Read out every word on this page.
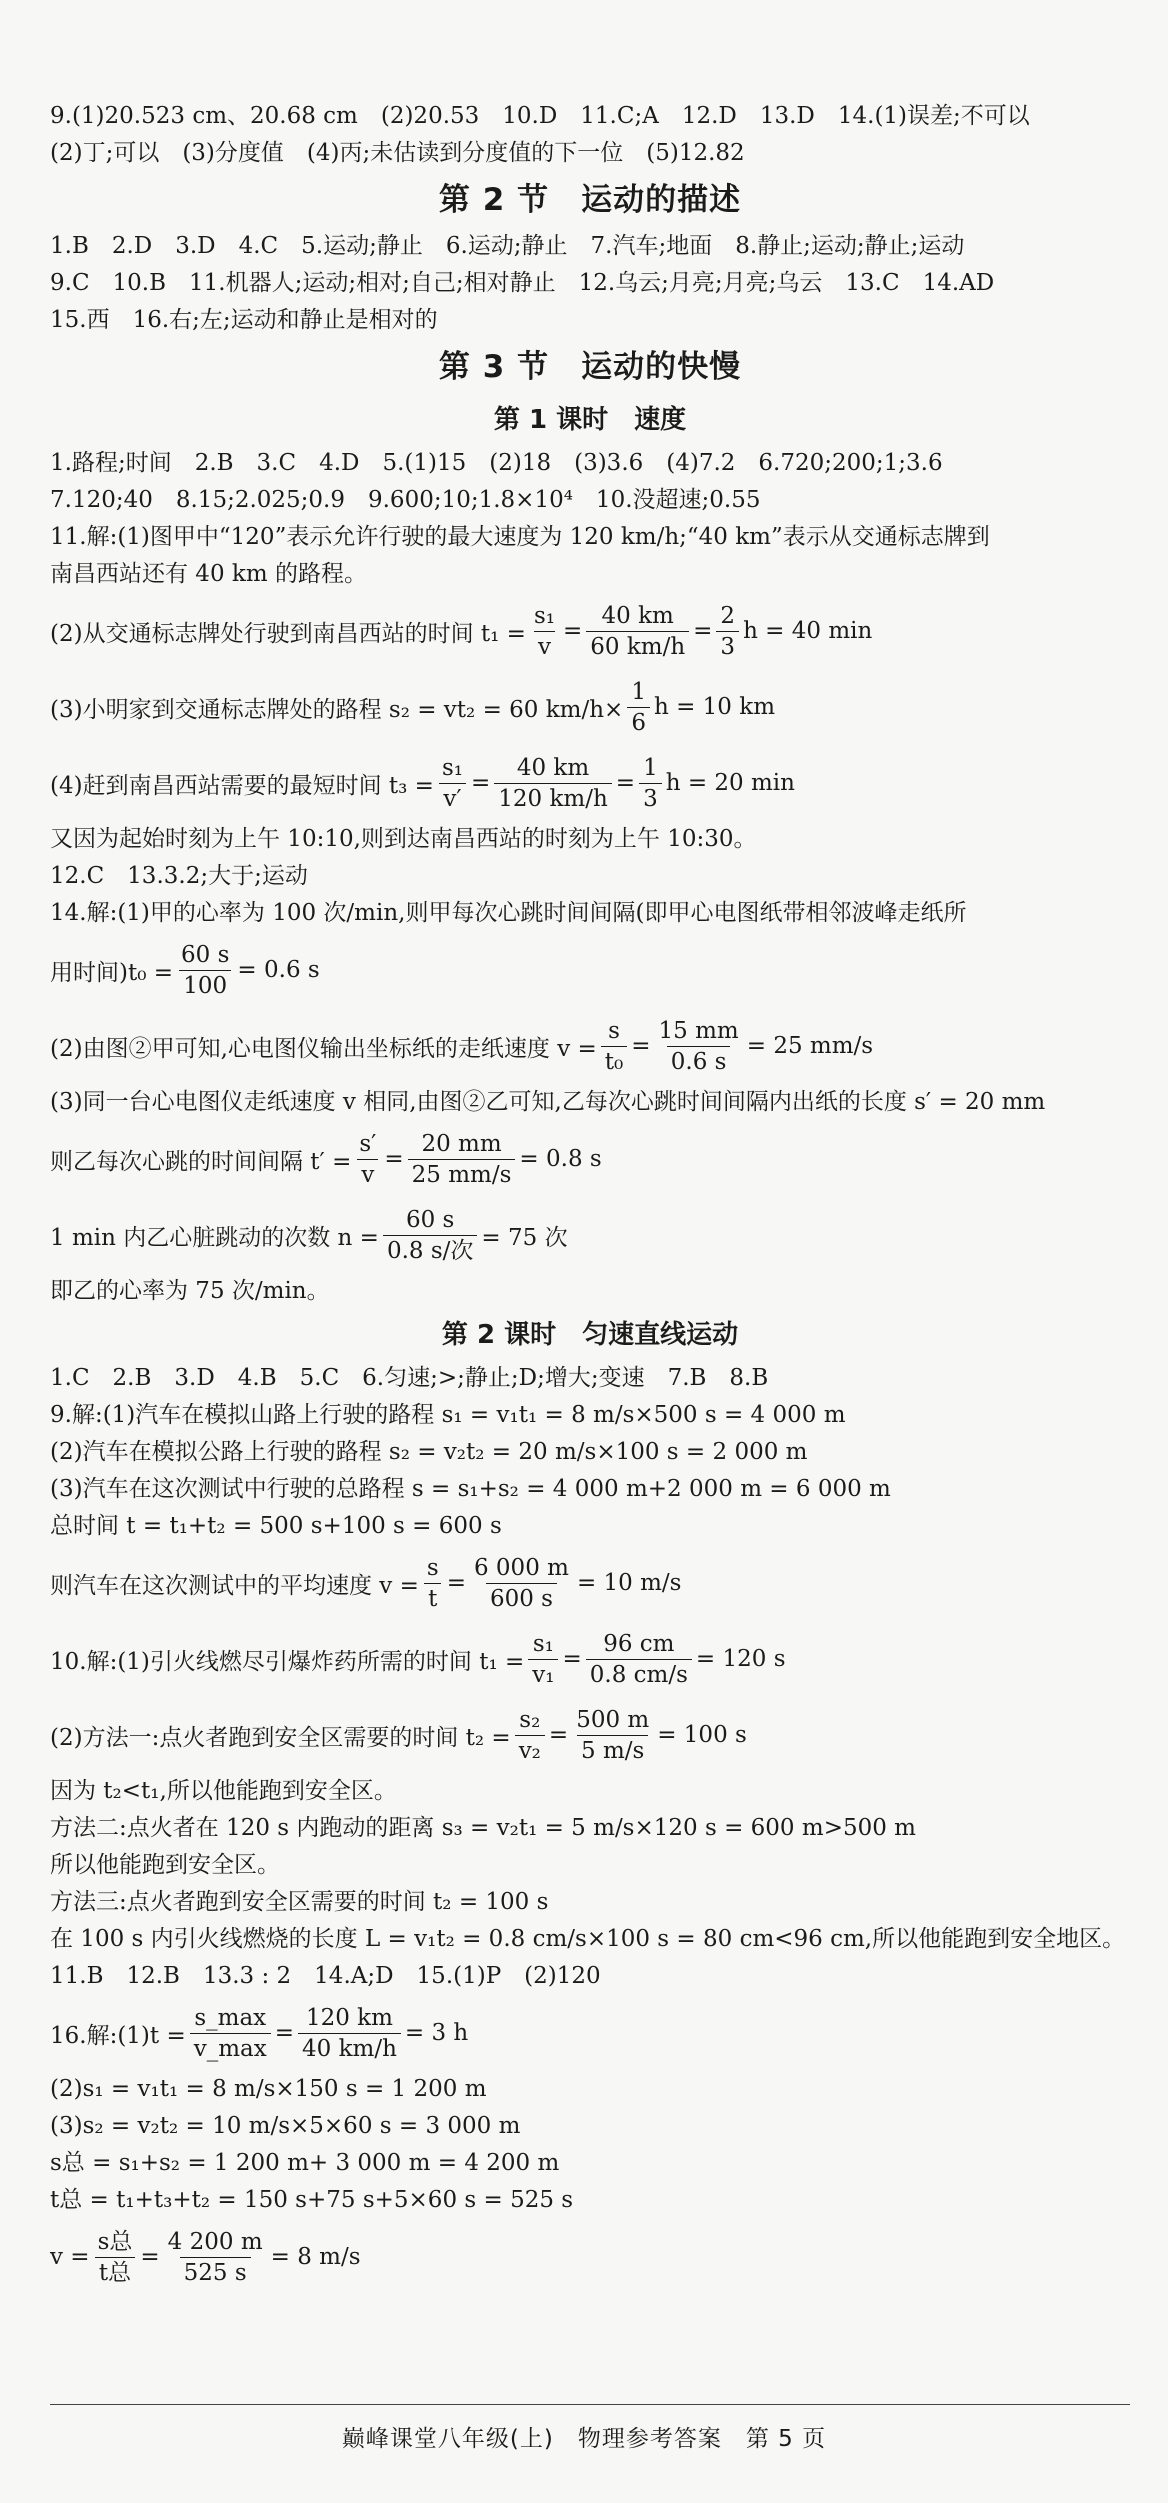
9.(1)20.523 cm、20.68 cm　(2)20.53　10.D　11.C;A　12.D　13.D　14.(1)误差;不可以
(2)丁;可以　(3)分度值　(4)丙;未估读到分度值的下一位　(5)12.82
第 2 节　运动的描述
1.B　2.D　3.D　4.C　5.运动;静止　6.运动;静止　7.汽车;地面　8.静止;运动;静止;运动
9.C　10.B　11.机器人;运动;相对;自己;相对静止　12.乌云;月亮;月亮;乌云　13.C　14.AD
15.西　16.右;左;运动和静止是相对的
第 3 节　运动的快慢
第 1 课时　速度
1.路程;时间　2.B　3.C　4.D　5.(1)15　(2)18　(3)3.6　(4)7.2　6.720;200;1;3.6
7.120;40　8.15;2.025;0.9　9.600;10;1.8×10⁴　10.没超速;0.55
11.解:(1)图甲中“120”表示允许行驶的最大速度为 120 km/h;“40 km”表示从交通标志牌到
南昌西站还有 40 km 的路程。
(2)从交通标志牌处行驶到南昌西站的时间 $t_1 = \frac{\text{s₁}}{v} = \frac{40 km}{60 km/h} = \frac{2}{3}$ h = 40 min
(3)小明家到交通标志牌处的路程 s₂ = vt₂ = 60 $km/h\times \frac{1}{6}$ h = 10 km
(4)赶到南昌西站需要的最短时间 $t_3 = \frac{\text{s₁}}{v'} = \frac{40 km}{120 km/h} = \frac{1}{3}$ h = 20 min
又因为起始时刻为上午 10:10,则到达南昌西站的时刻为上午 10:30。
12.C　13.3.2;大于;运动
14.解:(1)甲的心率为 100 次/min,则甲每次心跳时间间隔(即甲心电图纸带相邻波峰走纸所
用时间)$t_0 = \frac{60 s}{100} = 0.6$ s
(2)由图②甲可知,心电图仪输出坐标纸的走纸速度 $v = \frac{s}{\text{t₀}} = \frac{15 mm}{0.6 s} = 25$ mm/s
(3)同一台心电图仪走纸速度 v 相同,由图②乙可知,乙每次心跳时间间隔内出纸的长度 s′ = 20 mm
则乙每次心跳的时间间隔 $t' = \frac{s'}{v} = \frac{20 mm}{25 mm/s} = 0.8$ s
1 min 内乙心脏跳动的次数 $n = \frac{60 s}{\text{0.8 s/次}} = 75$ 次
即乙的心率为 75 次/min。
第 2 课时　匀速直线运动
1.C　2.B　3.D　4.B　5.C　6.匀速;>;静止;D;增大;变速　7.B　8.B
9.解:(1)汽车在模拟山路上行驶的路程 s₁ = v₁t₁ = 8 m/s×500 s = 4 000 m
(2)汽车在模拟公路上行驶的路程 s₂ = v₂t₂ = 20 m/s×100 s = 2 000 m
(3)汽车在这次测试中行驶的总路程 s = s₁+s₂ = 4 000 m+2 000 m = 6 000 m
总时间 t = t₁+t₂ = 500 s+100 s = 600 s
则汽车在这次测试中的平均速度 $v = \frac{s}{t} = \frac{6 000 m}{600 s} = 10$ m/s
10.解:(1)引火线燃尽引爆炸药所需的时间 $t_1 = \frac{\text{s₁}}{\text{v₁}} = \frac{96 cm}{0.8 cm/s} = 120$ s
(2)方法一:点火者跑到安全区需要的时间 $t_2 = \frac{\text{s₂}}{\text{v₂}} = \frac{500 m}{5 m/s} = 100$ s
因为 t₂<t₁,所以他能跑到安全区。
方法二:点火者在 120 s 内跑动的距离 s₃ = v₂t₁ = 5 m/s×120 s = 600 m>500 m
所以他能跑到安全区。
方法三:点火者跑到安全区需要的时间 t₂ = 100 s
在 100 s 内引火线燃烧的长度 L = v₁t₂ = 0.8 cm/s×100 s = 80 cm<96 cm,所以他能跑到安全地区。
11.B　12.B　13.3 : 2　14.A;D　15.(1)P　(2)120
16.解:(1)t = $\frac{s\_\max}{v\_\max} = \frac{120 km}{40 km/h} = 3$ h
(2)s₁ = v₁t₁ = 8 m/s×150 s = 1 200 m
(3)s₂ = v₂t₂ = 10 m/s×5×60 s = 3 000 m
s总 = s₁+s₂ = 1 200 m+ 3 000 m = 4 200 m
t总 = t₁+t₃+t₂ = 150 s+75 s+5×60 s = 525 s
$v = \frac{\text{s总}}{\text{t总}} = \frac{4 200 m}{525 s} = 8$ m/s
巅峰课堂八年级(上)　物理参考答案　第 5 页
